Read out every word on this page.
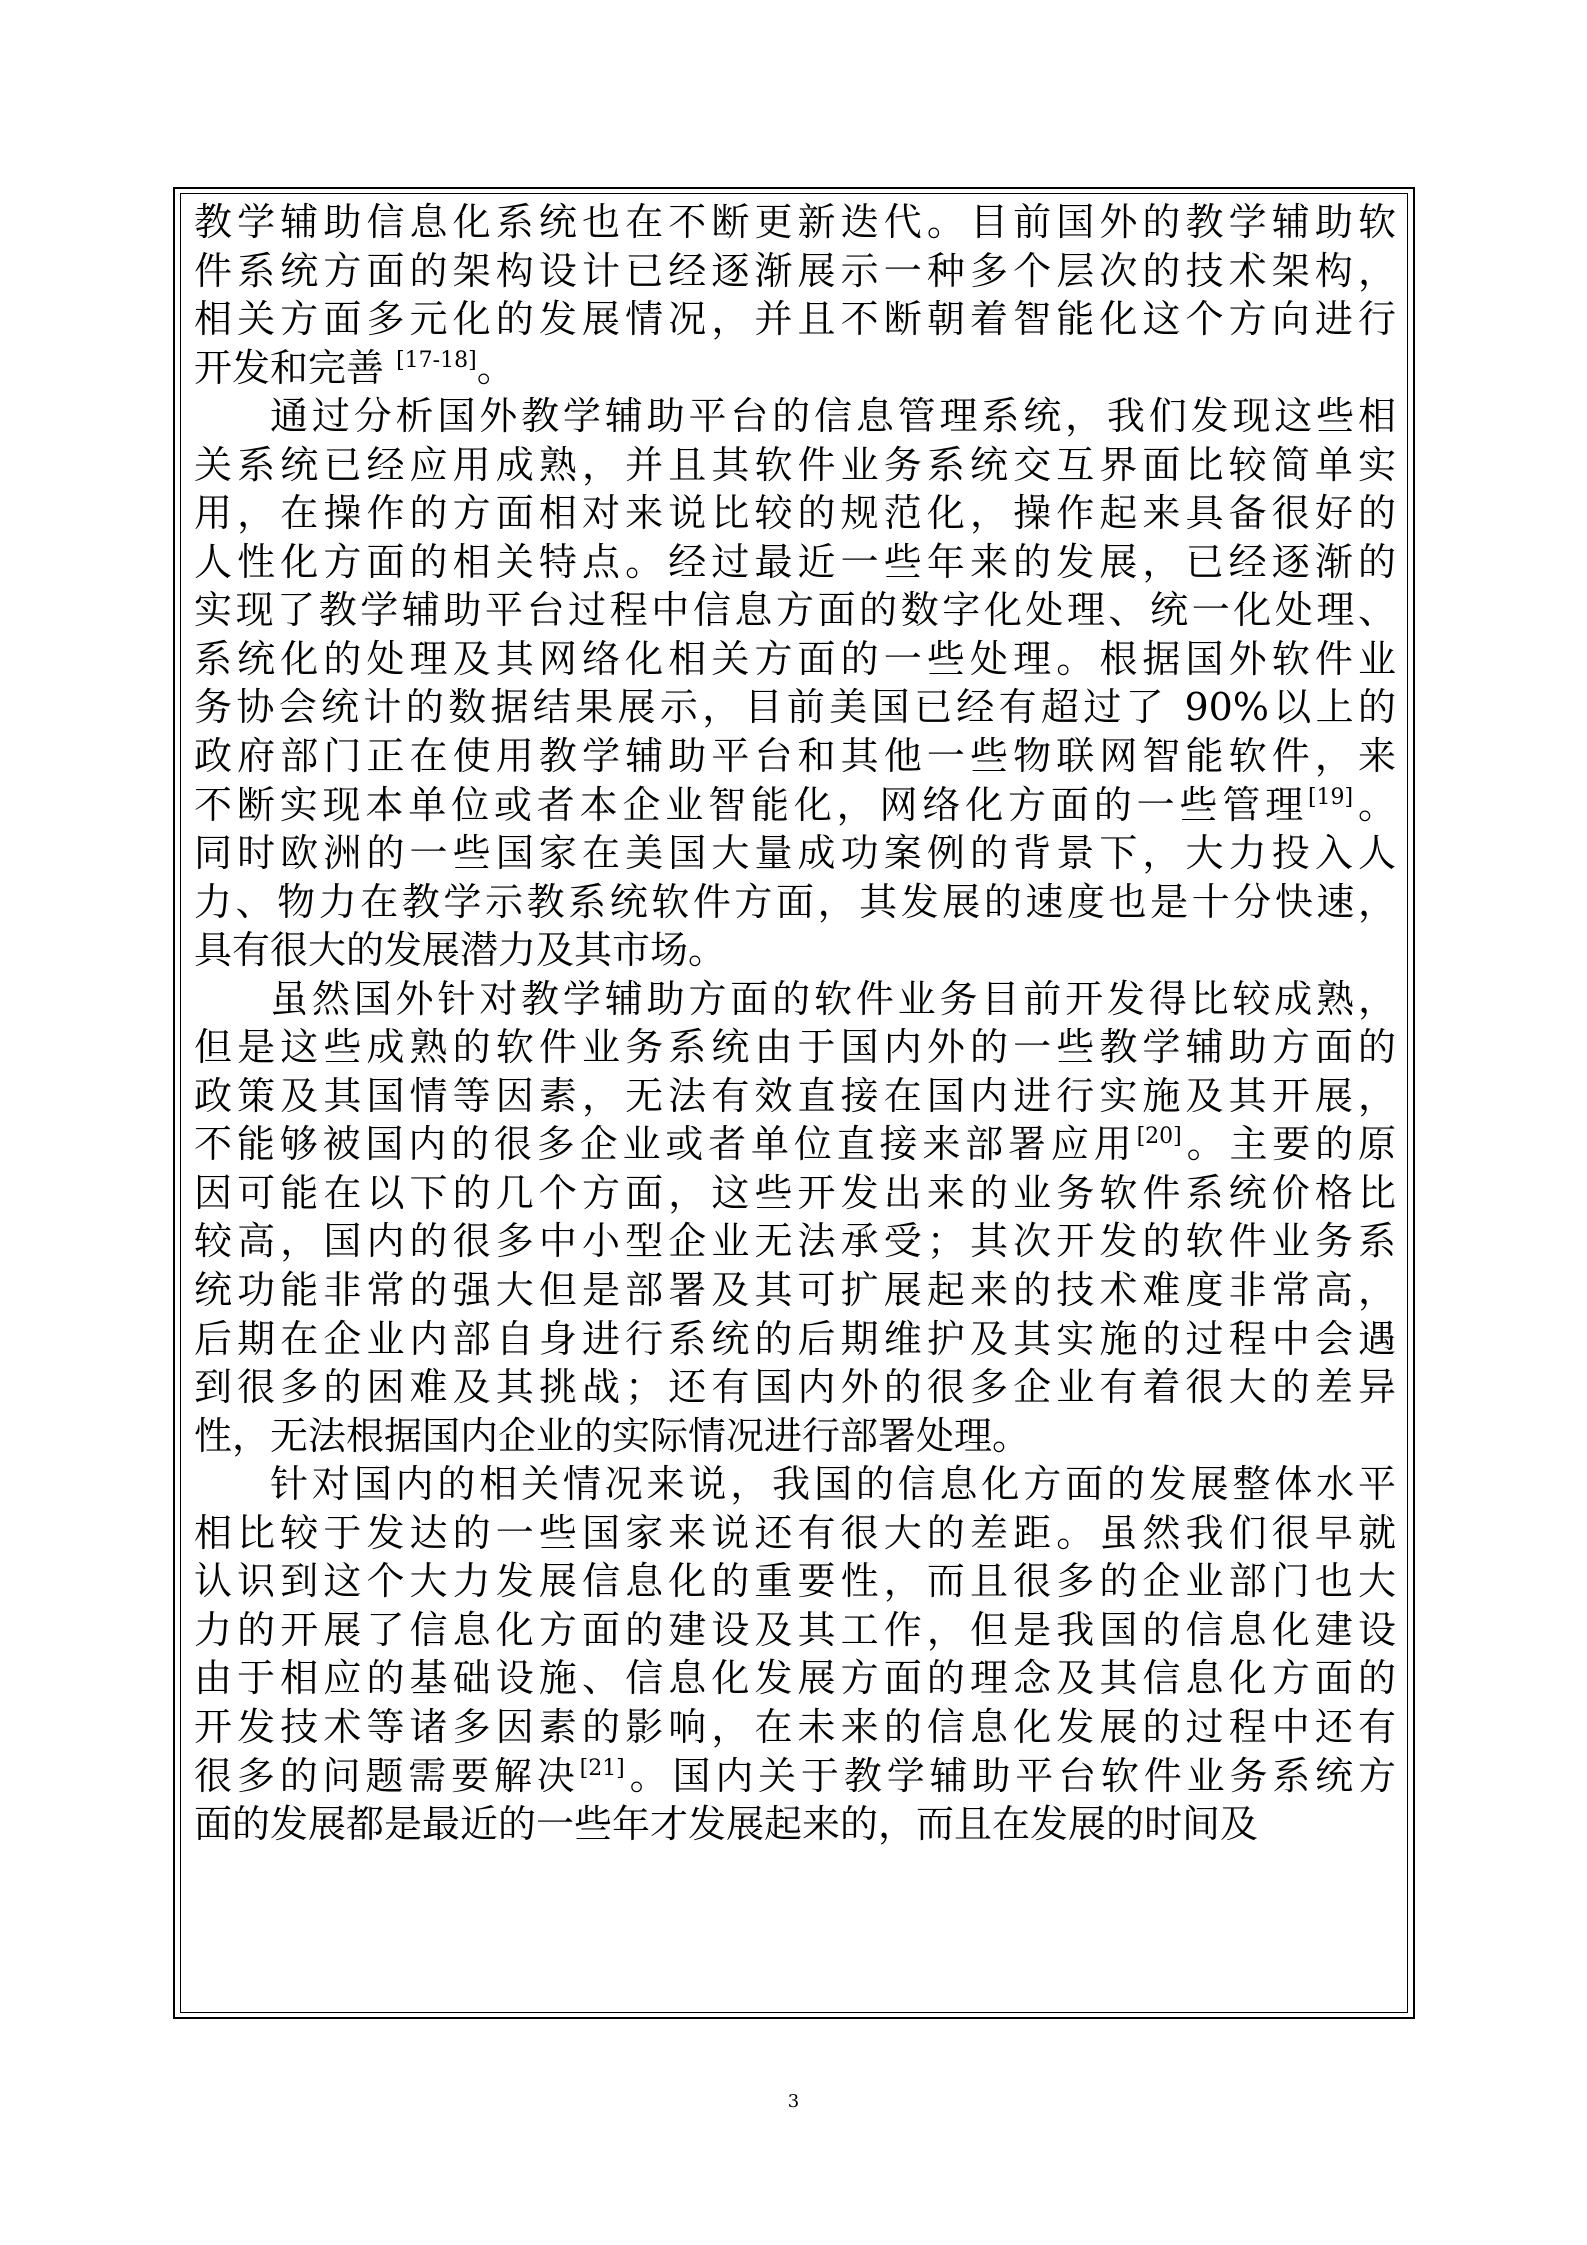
教学辅助信息化系统也在不断更新迭代。目前国外的教学辅助软
件系统方面的架构设计已经逐渐展示一种多个层次的技术架构，
相关方面多元化的发展情况，并且不断朝着智能化这个方向进行
开发和完善 [17-18]。
通过分析国外教学辅助平台的信息管理系统，我们发现这些相
关系统已经应用成熟，并且其软件业务系统交互界面比较简单实
用，在操作的方面相对来说比较的规范化，操作起来具备很好的
人性化方面的相关特点。经过最近一些年来的发展，已经逐渐的
实现了教学辅助平台过程中信息方面的数字化处理、统一化处理、
系统化的处理及其网络化相关方面的一些处理。根据国外软件业
务协会统计的数据结果展示，目前美国已经有超过了 90%以上的
政府部门正在使用教学辅助平台和其他一些物联网智能软件，来
不断实现本单位或者本企业智能化，网络化方面的一些管理[19]。
同时欧洲的一些国家在美国大量成功案例的背景下，大力投入人
力、物力在教学示教系统软件方面，其发展的速度也是十分快速，
具有很大的发展潜力及其市场。
虽然国外针对教学辅助方面的软件业务目前开发得比较成熟，
但是这些成熟的软件业务系统由于国内外的一些教学辅助方面的
政策及其国情等因素，无法有效直接在国内进行实施及其开展，
不能够被国内的很多企业或者单位直接来部署应用[20]。主要的原
因可能在以下的几个方面，这些开发出来的业务软件系统价格比
较高，国内的很多中小型企业无法承受；其次开发的软件业务系
统功能非常的强大但是部署及其可扩展起来的技术难度非常高，
后期在企业内部自身进行系统的后期维护及其实施的过程中会遇
到很多的困难及其挑战；还有国内外的很多企业有着很大的差异
性，无法根据国内企业的实际情况进行部署处理。
针对国内的相关情况来说，我国的信息化方面的发展整体水平
相比较于发达的一些国家来说还有很大的差距。虽然我们很早就
认识到这个大力发展信息化的重要性，而且很多的企业部门也大
力的开展了信息化方面的建设及其工作，但是我国的信息化建设
由于相应的基础设施、信息化发展方面的理念及其信息化方面的
开发技术等诸多因素的影响，在未来的信息化发展的过程中还有
很多的问题需要解决[21]。国内关于教学辅助平台软件业务系统方
面的发展都是最近的一些年才发展起来的，而且在发展的时间及
3
